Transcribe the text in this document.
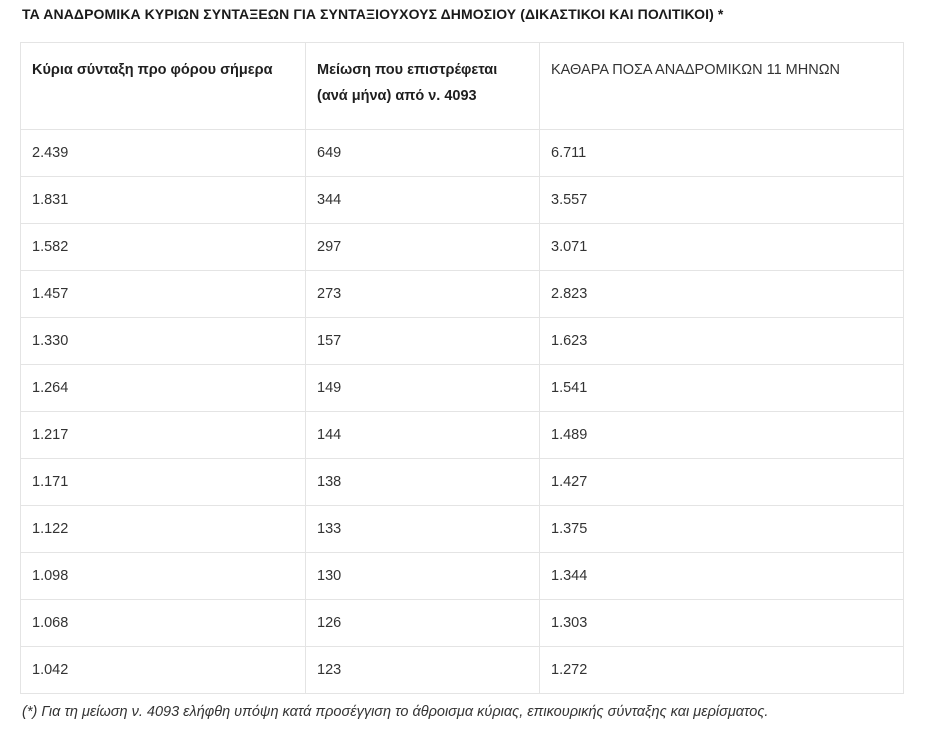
ΤΑ ΑΝΑΔΡΟΜΙΚΑ ΚΥΡΙΩΝ ΣΥΝΤΑΞΕΩΝ ΓΙΑ ΣΥΝΤΑΞΙΟΥΧΟΥΣ ΔΗΜΟΣΙΟΥ (ΔΙΚΑΣΤΙΚΟΙ ΚΑΙ ΠΟΛΙΤΙΚΟΙ) *
Κύρια σύνταξη προ φόρου σήμερα	Μείωση που επιστρέφεται (ανά μήνα) από ν. 4093	ΚΑΘΑΡΑ ΠΟΣΑ ΑΝΑΔΡΟΜΙΚΩΝ 11 ΜΗΝΩΝ
2.439	649	6.711
1.831	344	3.557
1.582	297	3.071
1.457	273	2.823
1.330	157	1.623
1.264	149	1.541
1.217	144	1.489
1.171	138	1.427
1.122	133	1.375
1.098	130	1.344
1.068	126	1.303
1.042	123	1.272
(*) Για τη μείωση ν. 4093 ελήφθη υπόψη κατά προσέγγιση το άθροισμα κύριας, επικουρικής σύνταξης και μερίσματος.
